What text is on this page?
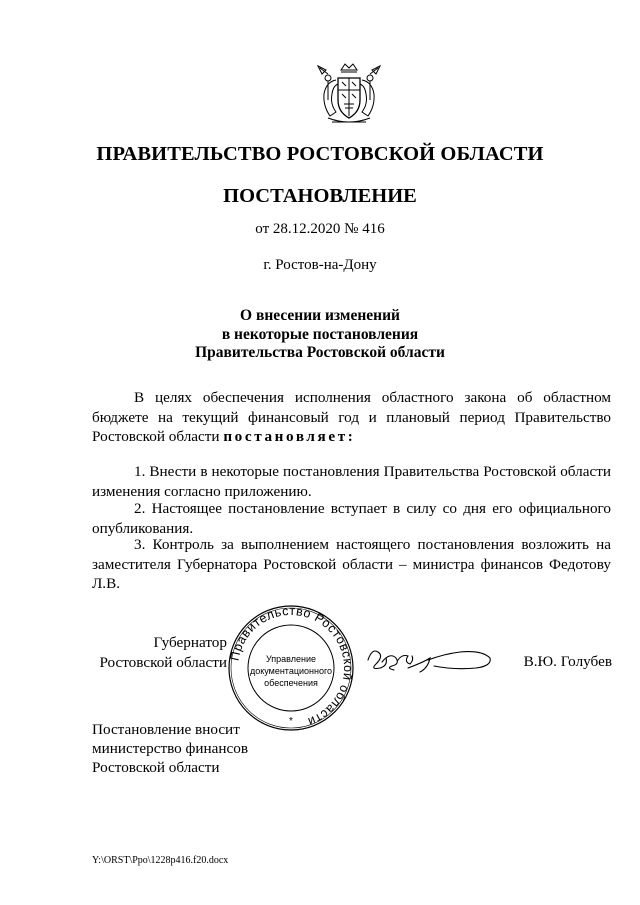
ПРАВИТЕЛЬСТВО РОСТОВСКОЙ ОБЛАСТИ
ПОСТАНОВЛЕНИЕ
от 28.12.2020 № 416
г. Ростов-на-Дону
О внесении изменений
в некоторые постановления
Правительства Ростовской области

В целях обеспечения исполнения областного закона об областном бюджете на текущий финансовый год и плановый период Правительство Ростовской области постановляет:

1. Внести в некоторые постановления Правительства Ростовской области изменения согласно приложению.

2. Настоящее постановление вступает в силу со дня его официального опубликования.

3. Контроль за выполнением настоящего постановления возложить на заместителя Губернатора Ростовской области – министра финансов Федотову Л.В.

Губернатор
Ростовской области Правительство Ростовской области
Управление
документационного
обеспечения
*
В.Ю. Голубев
Постановление вносит
министерство финансов
Ростовской области
Y:\ORST\Ppo\1228p416.f20.docx
